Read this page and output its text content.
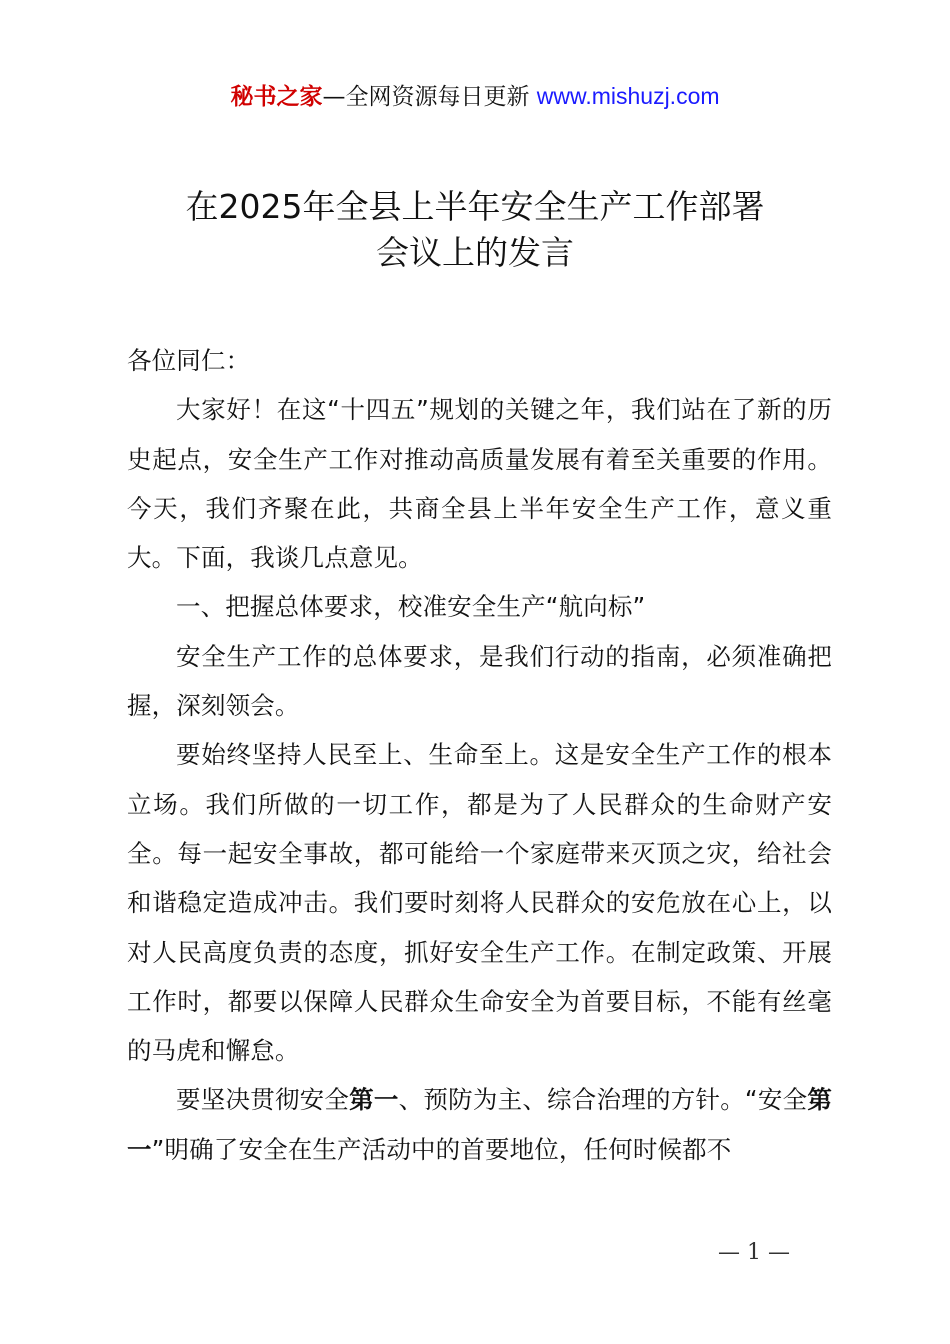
秘书之家—全网资源每日更新 www.mishuzj.com
在2025年全县上半年安全生产工作部署
会议上的发言

各位同仁：

大家好！在这“十四五”规划的关键之年，我们站在了新的历史起点，安全生产工作对推动高质量发展有着至关重要的作用。今天，我们齐聚在此，共商全县上半年安全生产工作，意义重大。下面，我谈几点意见。

一、把握总体要求，校准安全生产“航向标”

安全生产工作的总体要求，是我们行动的指南，必须准确把握，深刻领会。

要始终坚持人民至上、生命至上。这是安全生产工作的根本立场。我们所做的一切工作，都是为了人民群众的生命财产安全。每一起安全事故，都可能给一个家庭带来灭顶之灾，给社会和谐稳定造成冲击。我们要时刻将人民群众的安危放在心上，以对人民高度负责的态度，抓好安全生产工作。在制定政策、开展工作时，都要以保障人民群众生命安全为首要目标，不能有丝毫的马虎和懈怠。

要坚决贯彻安全第一、预防为主、综合治理的方针。“安全第一”明确了安全在生产活动中的首要地位，任何时候都不

— 1 —
